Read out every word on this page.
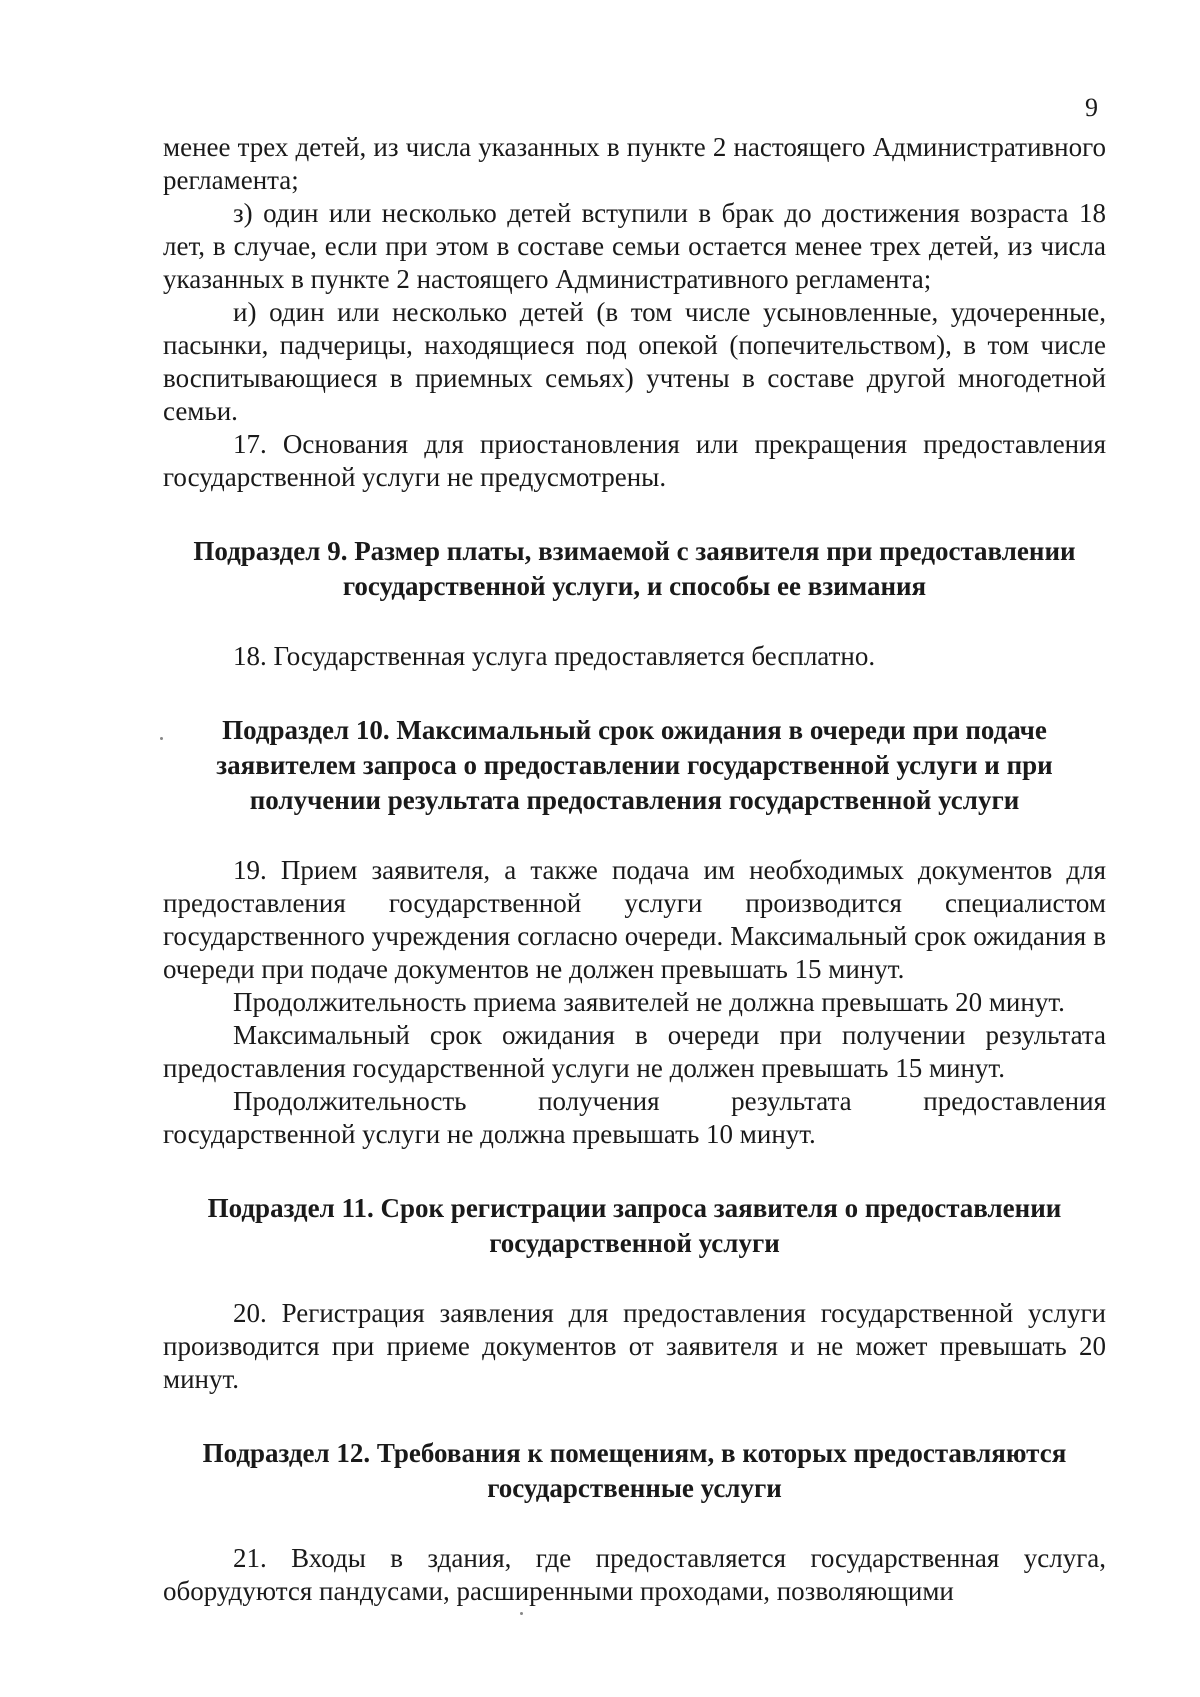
9

менее трех детей, из числа указанных в пункте 2 настоящего Административного регламента;

з) один или несколько детей вступили в брак до достижения возраста 18 лет, в случае, если при этом в составе семьи остается менее трех детей, из числа указанных в пункте 2 настоящего Административного регламента;

и) один или несколько детей (в том числе усыновленные, удочеренные, пасынки, падчерицы, находящиеся под опекой (попечительством), в том числе воспитывающиеся в приемных семьях) учтены в составе другой многодетной семьи.

17. Основания для приостановления или прекращения предоставления государственной услуги не предусмотрены.

Подраздел 9. Размер платы, взимаемой с заявителя при предоставлении государственной услуги, и способы ее взимания

18. Государственная услуга предоставляется бесплатно.

Подраздел 10. Максимальный срок ожидания в очереди при подаче заявителем запроса о предоставлении государственной услуги и при получении результата предоставления государственной услуги

19. Прием заявителя, а также подача им необходимых документов для предоставления государственной услуги производится специалистом государственного учреждения согласно очереди. Максимальный срок ожидания в очереди при подаче документов не должен превышать 15 минут.

Продолжительность приема заявителей не должна превышать 20 минут.

Максимальный срок ожидания в очереди при получении результата предоставления государственной услуги не должен превышать 15 минут.

Продолжительность получения результата предоставления государственной услуги не должна превышать 10 минут.

Подраздел 11. Срок регистрации запроса заявителя о предоставлении государственной услуги

20. Регистрация заявления для предоставления государственной услуги производится при приеме документов от заявителя и не может превышать 20 минут.

Подраздел 12. Требования к помещениям, в которых предоставляются государственные услуги

21. Входы в здания, где предоставляется государственная услуга, оборудуются пандусами, расширенными проходами, позволяющими
